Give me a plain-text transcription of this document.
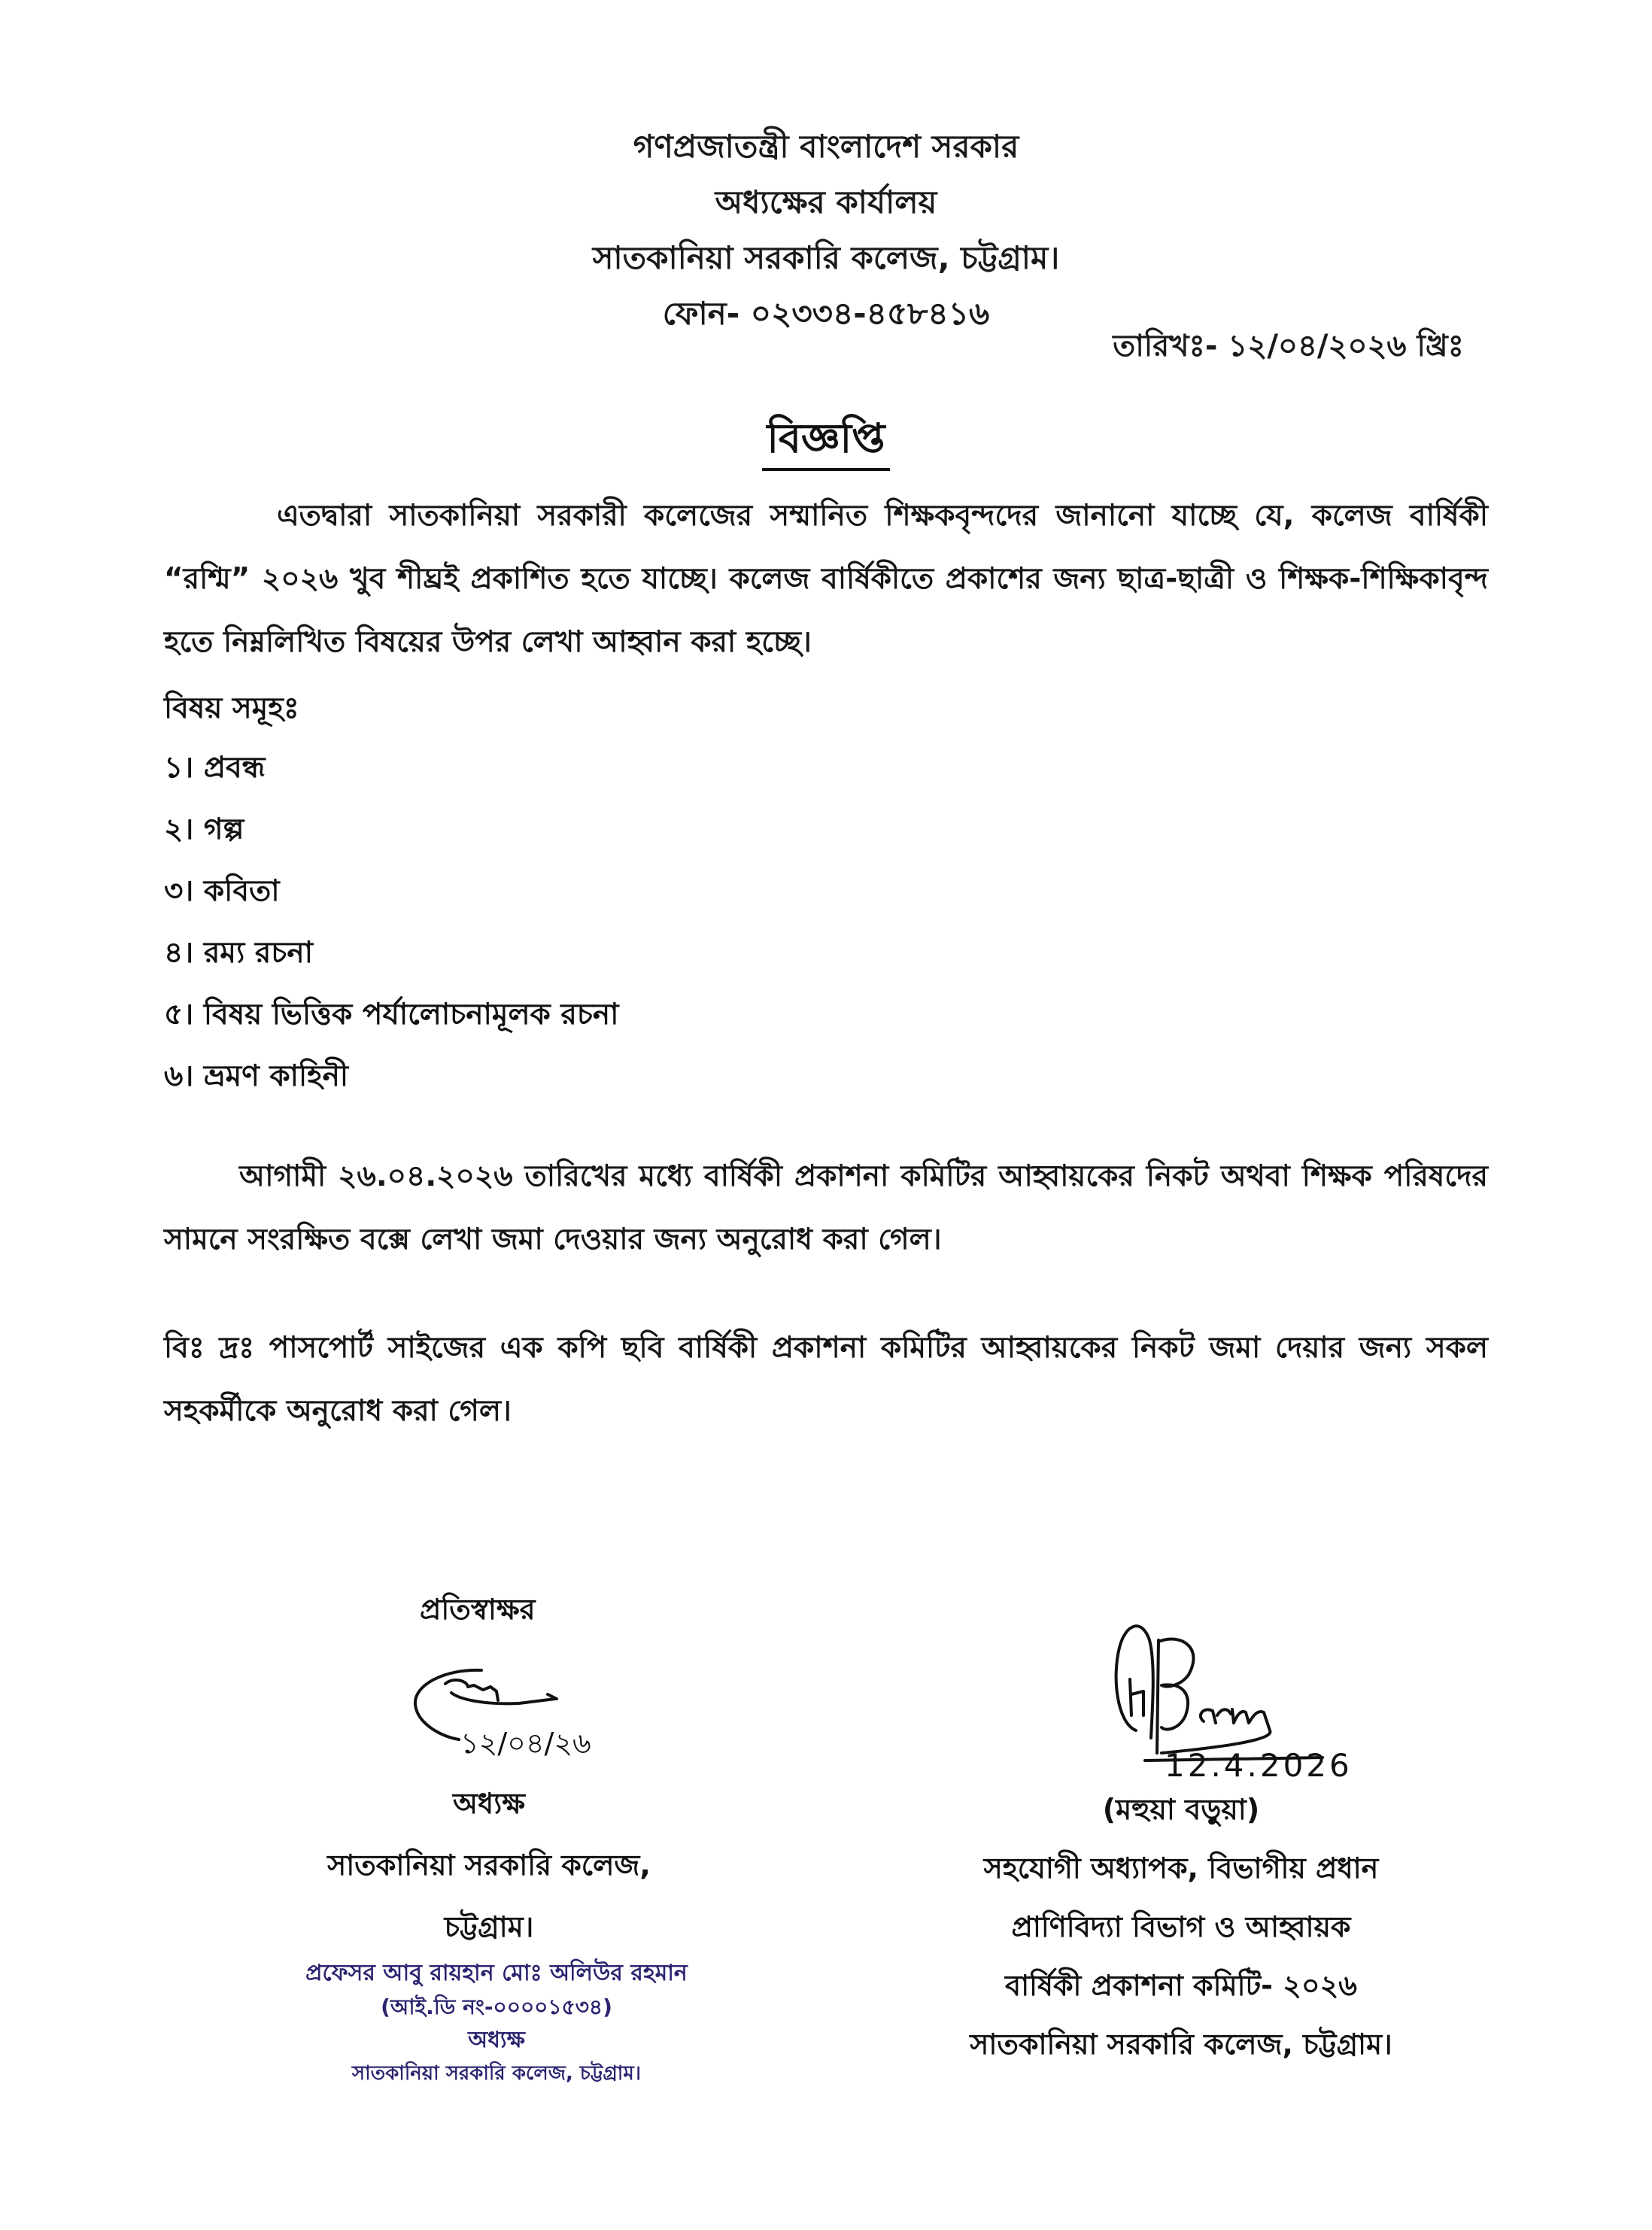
গণপ্রজাতন্ত্রী বাংলাদেশ সরকার
অধ্যক্ষের কার্যালয়
সাতকানিয়া সরকারি কলেজ, চট্টগ্রাম।
ফোন- ০২৩৩৪-৪৫৮৪১৬
তারিখঃ- ১২/০৪/২০২৬ খ্রিঃ
বিজ্ঞপ্তি
এতদ্বারা সাতকানিয়া সরকারী কলেজের সম্মানিত শিক্ষকবৃন্দদের জানানো যাচ্ছে যে, কলেজ বার্ষিকী “রশ্মি” ২০২৬ খুব শীঘ্রই প্রকাশিত হতে যাচ্ছে। কলেজ বার্ষিকীতে প্রকাশের জন্য ছাত্র-ছাত্রী ও শিক্ষক-শিক্ষিকাবৃন্দ হতে নিম্নলিখিত বিষয়ের উপর লেখা আহ্বান করা হচ্ছে।
বিষয় সমূহঃ
১। প্রবন্ধ
২। গল্প
৩। কবিতা
৪। রম্য রচনা
৫। বিষয় ভিত্তিক পর্যালোচনামূলক রচনা
৬। ভ্রমণ কাহিনী
আগামী ২৬.০৪.২০২৬ তারিখের মধ্যে বার্ষিকী প্রকাশনা কমিটির আহ্বায়কের নিকট অথবা শিক্ষক পরিষদের সামনে সংরক্ষিত বক্সে লেখা জমা দেওয়ার জন্য অনুরোধ করা গেল।
বিঃ দ্রঃ পাসপোর্ট সাইজের এক কপি ছবি বার্ষিকী প্রকাশনা কমিটির আহ্বায়কের নিকট জমা দেয়ার জন্য সকল সহকর্মীকে অনুরোধ করা গেল।
প্রতিস্বাক্ষর
১২/০৪/২৬
অধ্যক্ষ
সাতকানিয়া সরকারি কলেজ,
চট্টগ্রাম।
প্রফেসর আবু রায়হান মোঃ অলিউর রহমান
(আই.ডি নং-০০০০১৫৩৪)
অধ্যক্ষ
সাতকানিয়া সরকারি কলেজ, চট্টগ্রাম।
12.4.2026
(মহুয়া বড়ুয়া)
সহযোগী অধ্যাপক, বিভাগীয় প্রধান
প্রাণিবিদ্যা বিভাগ ও আহ্বায়ক
বার্ষিকী প্রকাশনা কমিটি- ২০২৬
সাতকানিয়া সরকারি কলেজ, চট্টগ্রাম।
